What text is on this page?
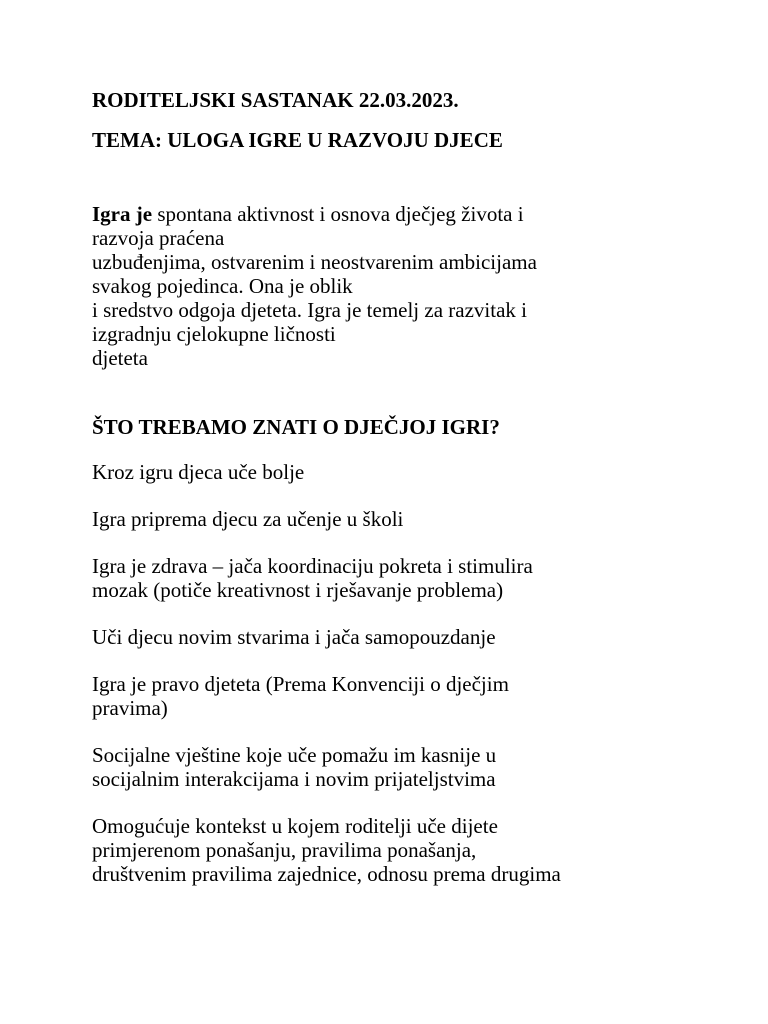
RODITELJSKI SASTANAK 22.03.2023.

TEMA: ULOGA IGRE U RAZVOJU DJECE

Igra je spontana aktivnost i osnova dječjeg života i
razvoja praćena
uzbuđenjima, ostvarenim i neostvarenim ambicijama
svakog pojedinca. Ona je oblik
i sredstvo odgoja djeteta. Igra je temelj za razvitak i
izgradnju cjelokupne ličnosti
djeteta

ŠTO TREBAMO ZNATI O DJEČJOJ IGRI?

Kroz igru djeca uče bolje

Igra priprema djecu za učenje u školi

Igra je zdrava – jača koordinaciju pokreta i stimulira
mozak (potiče kreativnost i rješavanje problema)

Uči djecu novim stvarima i jača samopouzdanje

Igra je pravo djeteta (Prema Konvenciji o dječjim
pravima)

Socijalne vještine koje uče pomažu im kasnije u
socijalnim interakcijama i novim prijateljstvima

Omogućuje kontekst u kojem roditelji uče dijete
primjerenom ponašanju, pravilima ponašanja,
društvenim pravilima zajednice, odnosu prema drugima
